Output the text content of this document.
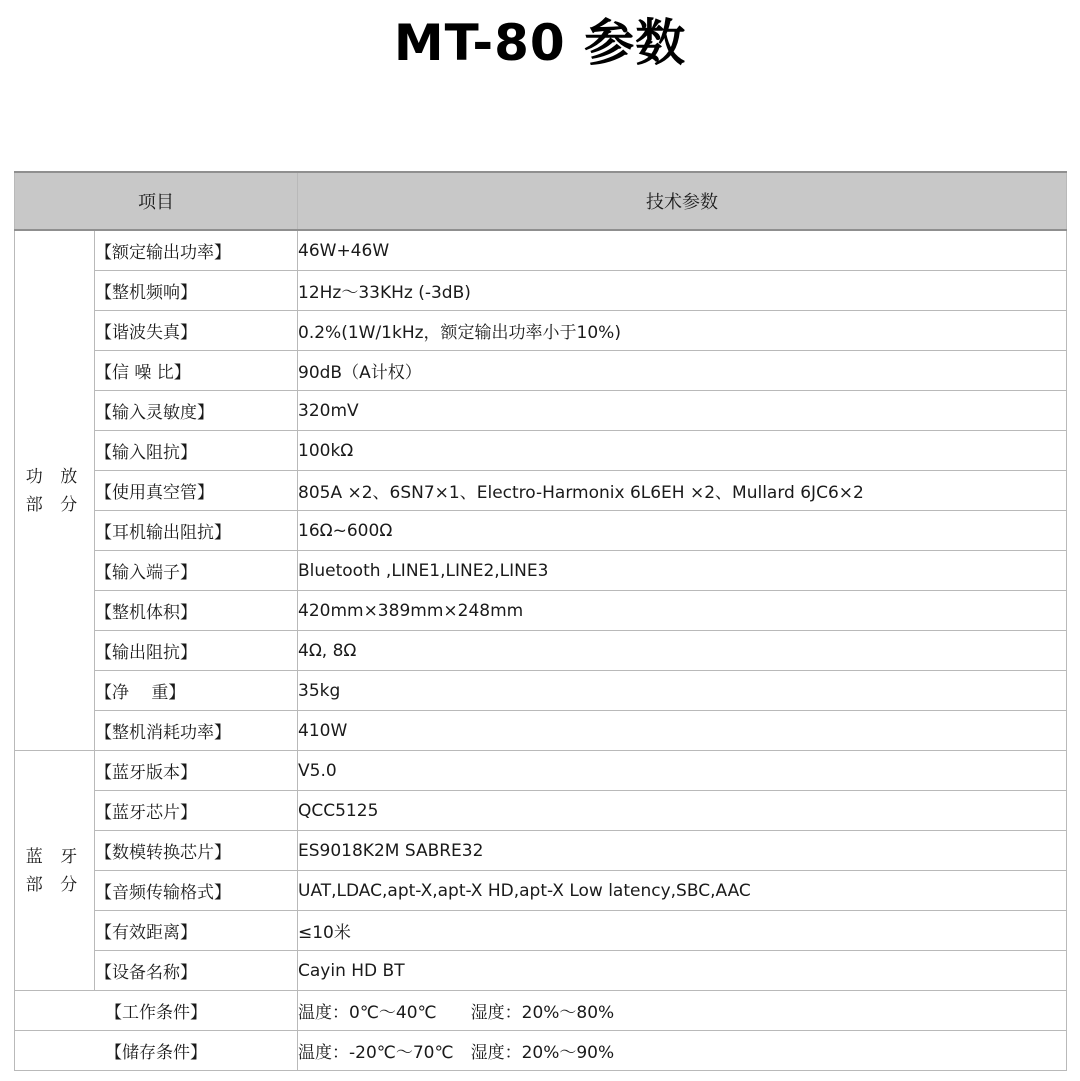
MT-80 参数
项目		技术参数

功 放
部 分	【额定输出功率】	46W+46W
	【整机频响】	12Hz～33KHz (-3dB)
	【谐波失真】	0.2%(1W/1kHz，额定输出功率小于10%)
	【信 噪 比】	90dB（A计权）
	【输入灵敏度】	320mV
	【输入阻抗】	100kΩ
	【使用真空管】	805A ×2、6SN7×1、Electro-Harmonix 6L6EH ×2、Mullard 6JC6×2
	【耳机输出阻抗】	16Ω~600Ω
	【输入端子】	Bluetooth ,LINE1,LINE2,LINE3
	【整机体积】	420mm×389mm×248mm
	【输出阻抗】	4Ω, 8Ω
	【净　 重】	35kg
	【整机消耗功率】	410W

蓝 牙
部 分	【蓝牙版本】	V5.0
	【蓝牙芯片】	QCC5125
	【数模转换芯片】	ES9018K2M SABRE32
	【音频传输格式】	UAT,LDAC,apt-X,apt-X HD,apt-X Low latency,SBC,AAC
	【有效距离】	≤10米
	【设备名称】	Cayin HD BT
【工作条件】		温度：0℃～40℃　　湿度：20%～80%
【储存条件】		温度：-20℃～70℃　湿度：20%～90%
